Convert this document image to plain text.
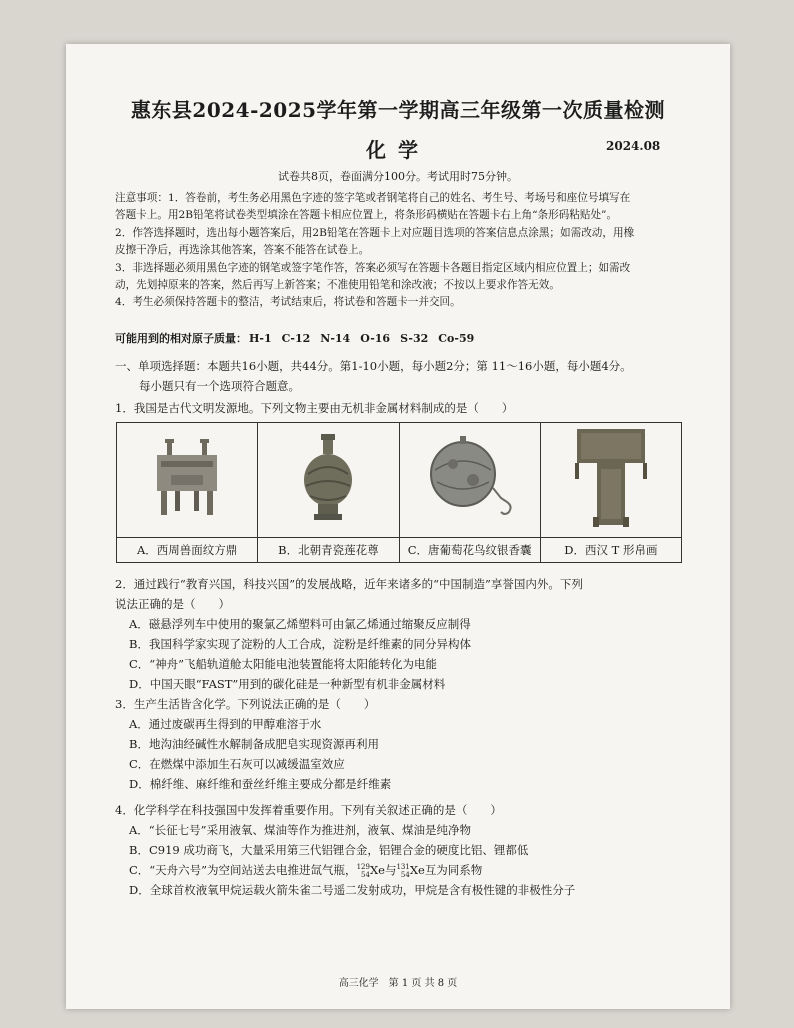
惠东县2024-2025学年第一学期高三年级第一次质量检测
化学	2024.08
试卷共8页，卷面满分100分。考试用时75分钟。

注意事项：1．答卷前，考生务必用黑色字迹的签字笔或者钢笔将自己的姓名、考生号、考场号和座位号填写在

答题卡上。用2B铅笔将试卷类型填涂在答题卡相应位置上，将条形码横贴在答题卡右上角“条形码粘贴处”。

2．作答选择题时，选出每小题答案后，用2B铅笔在答题卡上对应题目选项的答案信息点涂黑；如需改动，用橡

皮擦干净后，再选涂其他答案，答案不能答在试卷上。

3．非选择题必须用黑色字迹的钢笔或签字笔作答，答案必须写在答题卡各题目指定区域内相应位置上；如需改

动，先划掉原来的答案，然后再写上新答案；不准使用铅笔和涂改液；不按以上要求作答无效。

4．考生必须保持答题卡的整洁，考试结束后，将试卷和答题卡一并交回。

可能用到的相对原子质量： H-1 C-12 N-14 O-16 S-32 Co-59

一、单项选择题：本题共16小题，共44分。第1-10小题，每小题2分；第 11～16小题，每小题4分。

每小题只有一个选项符合题意。

1．我国是古代文明发源地。下列文物主要由无机非金属材料制成的是（　　）

A．西周兽面纹方鼎	B．北朝青瓷莲花尊	C．唐葡萄花鸟纹银香囊	D．西汉 T 形帛画

2．通过践行“教育兴国，科技兴国”的发展战略，近年来诸多的“中国制造”享誉国内外。下列

说法正确的是（　　）

A．磁悬浮列车中使用的聚氯乙烯塑料可由氯乙烯通过缩聚反应制得

B．我国科学家实现了淀粉的人工合成，淀粉是纤维素的同分异构体

C．“神舟”飞船轨道舱太阳能电池装置能将太阳能转化为电能

D．中国天眼“FAST”用到的碳化硅是一种新型有机非金属材料

3．生产生活皆含化学。下列说法正确的是（　　）

A．通过废碳再生得到的甲醇难溶于水

B．地沟油经碱性水解制备成肥皂实现资源再利用

C．在燃煤中添加生石灰可以减缓温室效应

D．棉纤维、麻纤维和蚕丝纤维主要成分都是纤维素

4．化学科学在科技强国中发挥着重要作用。下列有关叙述正确的是（　　）

A．“长征七号”采用液氧、煤油等作为推进剂，液氧、煤油是纯净物

B．C919 成功商飞，大量采用第三代铝锂合金，铝锂合金的硬度比铝、锂都低

C．“天舟六号”为空间站送去电推进氙气瓶， 129
54 Xe与 131
54 Xe互为同系物

D．全球首枚液氧甲烷运载火箭朱雀二号遥二发射成功，甲烷是含有极性键的非极性分子

高三化学　第 1 页 共 8 页
